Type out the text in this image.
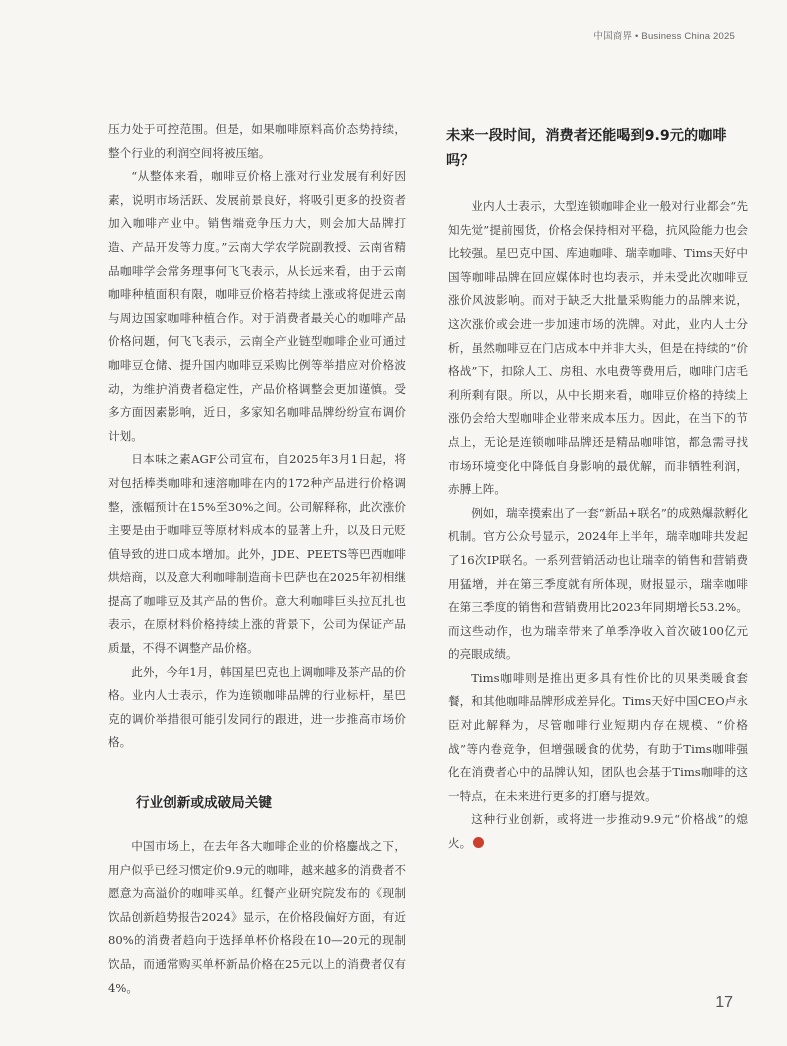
中国商界 • Business China 2025

压力处于可控范围。但是，如果咖啡原料高价态势持续，整个行业的利润空间将被压缩。

“从整体来看，咖啡豆价格上涨对行业发展有利好因素，说明市场活跃、发展前景良好，将吸引更多的投资者加入咖啡产业中。销售端竞争压力大，则会加大品牌打造、产品开发等力度。”云南大学农学院副教授、云南省精品咖啡学会常务理事何飞飞表示，从长远来看，由于云南咖啡种植面积有限，咖啡豆价格若持续上涨或将促进云南与周边国家咖啡种植合作。对于消费者最关心的咖啡产品价格问题，何飞飞表示，云南全产业链型咖啡企业可通过咖啡豆仓储、提升国内咖啡豆采购比例等举措应对价格波动，为维护消费者稳定性，产品价格调整会更加谨慎。受多方面因素影响，近日，多家知名咖啡品牌纷纷宣布调价计划。

日本味之素AGF公司宣布，自2025年3月1日起，将对包括棒类咖啡和速溶咖啡在内的172种产品进行价格调整，涨幅预计在15%至30%之间。公司解释称，此次涨价主要是由于咖啡豆等原材料成本的显著上升，以及日元贬值导致的进口成本增加。此外，JDE、PEETS等巴西咖啡烘焙商，以及意大利咖啡制造商卡巴萨也在2025年初相继提高了咖啡豆及其产品的售价。意大利咖啡巨头拉瓦扎也表示，在原材料价格持续上涨的背景下，公司为保证产品质量，不得不调整产品价格。

此外，今年1月，韩国星巴克也上调咖啡及茶产品的价格。业内人士表示，作为连锁咖啡品牌的行业标杆，星巴克的调价举措很可能引发同行的跟进，进一步推高市场价格。

行业创新或成破局关键

中国市场上，在去年各大咖啡企业的价格鏖战之下，用户似乎已经习惯定价9.9元的咖啡，越来越多的消费者不愿意为高溢价的咖啡买单。红餐产业研究院发布的《现制饮品创新趋势报告2024》显示，在价格段偏好方面，有近80%的消费者趋向于选择单杯价格段在10—20元的现制饮品，而通常购买单杯新品价格在25元以上的消费者仅有4%。

未来一段时间，消费者还能喝到9.9元的咖啡吗？

业内人士表示，大型连锁咖啡企业一般对行业都会“先知先觉”提前囤货，价格会保持相对平稳，抗风险能力也会比较强。星巴克中国、库迪咖啡、瑞幸咖啡、Tims天好中国等咖啡品牌在回应媒体时也均表示，并未受此次咖啡豆涨价风波影响。而对于缺乏大批量采购能力的品牌来说，这次涨价或会进一步加速市场的洗牌。对此，业内人士分析，虽然咖啡豆在门店成本中并非大头，但是在持续的“价格战”下，扣除人工、房租、水电费等费用后，咖啡门店毛利所剩有限。所以，从中长期来看，咖啡豆价格的持续上涨仍会给大型咖啡企业带来成本压力。因此，在当下的节点上，无论是连锁咖啡品牌还是精品咖啡馆，都急需寻找市场环境变化中降低自身影响的最优解，而非牺牲利润，赤膊上阵。

例如，瑞幸摸索出了一套“新品+联名”的成熟爆款孵化机制。官方公众号显示，2024年上半年，瑞幸咖啡共发起了16次IP联名。一系列营销活动也让瑞幸的销售和营销费用猛增，并在第三季度就有所体现，财报显示，瑞幸咖啡在第三季度的销售和营销费用比2023年同期增长53.2%。而这些动作，也为瑞幸带来了单季净收入首次破100亿元的亮眼成绩。

Tims咖啡则是推出更多具有性价比的贝果类暖食套餐，和其他咖啡品牌形成差异化。Tims天好中国CEO卢永臣对此解释为，尽管咖啡行业短期内存在规模、“价格战”等内卷竞争，但增强暖食的优势，有助于Tims咖啡强化在消费者心中的品牌认知，团队也会基于Tims咖啡的这一特点，在未来进行更多的打磨与提效。

这种行业创新，或将进一步推动9.9元“价格战”的熄火。

17
